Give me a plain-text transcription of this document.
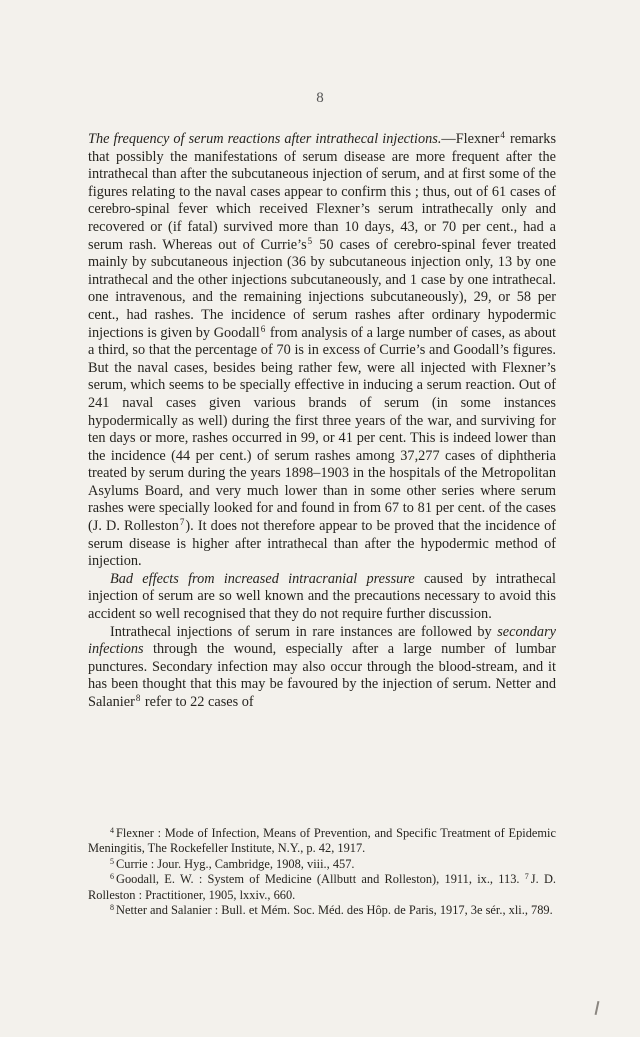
8

The frequency of serum reactions after intrathecal injections.—Flexner$^4$ remarks that possibly the manifestations of serum disease are more frequent after the intrathecal than after the subcutaneous injection of serum, and at first some of the figures relating to the naval cases appear to confirm this ; thus, out of 61 cases of cerebro-spinal fever which received Flexner’s serum intrathecally only and recovered or (if fatal) survived more than 10 days, 43, or 70 per cent., had a serum rash. Whereas out of Currie’s$^5$ 50 cases of cerebro-spinal fever treated mainly by subcutaneous injection (36 by subcutaneous injection only, 13 by one intrathecal and the other injections subcutaneously, and 1 case by one intrathecal. one intravenous, and the remaining injections subcutaneously), 29, or 58 per cent., had rashes. The incidence of serum rashes after ordinary hypodermic injections is given by Goodall$^6$ from analysis of a large number of cases, as about a third, so that the percentage of 70 is in excess of Currie’s and Goodall’s figures. But the naval cases, besides being rather few, were all injected with Flexner’s serum, which seems to be specially effective in inducing a serum reaction. Out of 241 naval cases given various brands of serum (in some instances hypodermically as well) during the first three years of the war, and surviving for ten days or more, rashes occurred in 99, or 41 per cent. This is indeed lower than the incidence (44 per cent.) of serum rashes among 37,277 cases of diphtheria treated by serum during the years 1898–1903 in the hospitals of the Metropolitan Asylums Board, and very much lower than in some other series where serum rashes were specially looked for and found in from 67 to 81 per cent. of the cases (J. D. Rolleston$^7$). It does not therefore appear to be proved that the incidence of serum disease is higher after intrathecal than after the hypodermic method of injection.

Bad effects from increased intracranial pressure caused by intrathecal injection of serum are so well known and the precautions necessary to avoid this accident so well recognised that they do not require further discussion.

Intrathecal injections of serum in rare instances are followed by secondary infections through the wound, especially after a large number of lumbar punctures. Secondary infection may also occur through the blood-stream, and it has been thought that this may be favoured by the injection of serum. Netter and Salanier$^8$ refer to 22 cases of

$^4$ Flexner : Mode of Infection, Means of Prevention, and Specific Treatment of Epidemic Meningitis, The Rockefeller Institute, N.Y., p. 42, 1917.

$^5$ Currie : Jour. Hyg., Cambridge, 1908, viii., 457.

$^6$ Goodall, E. W. : System of Medicine (Allbutt and Rolleston), 1911, ix., 113. $^7$ J. D. Rolleston : Practitioner, 1905, lxxiv., 660.

$^8$ Netter and Salanier : Bull. et Mém. Soc. Méd. des Hôp. de Paris, 1917, 3e sér., xli., 789.
